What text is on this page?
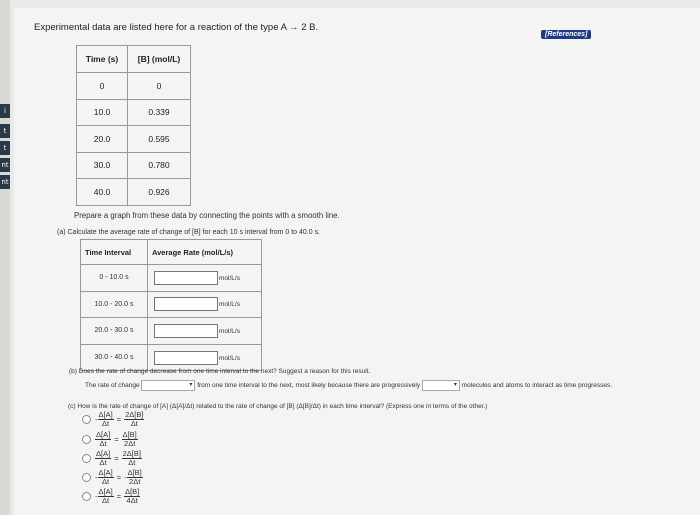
i
t
t
nt
nt
Experimental data are listed here for a reaction of the type A → 2 B.
[References]
Time (s)	[B] (mol/L)
0	0
10.0	0.339
20.0	0.595
30.0	0.780
40.0	0.926
Prepare a graph from these data by connecting the points with a smooth line.
(a) Calculate the average rate of change of [B] for each 10 s interval from 0 to 40.0 s.
Time Interval	Average Rate (mol/L/s)
0 - 10.0 s	mol/L/s
10.0 - 20.0 s	mol/L/s
20.0 - 30.0 s	mol/L/s
30.0 - 40.0 s	mol/L/s
(b) Does the rate of change decrease from one time interval to the next? Suggest a reason for this result.
The rate of change	▾ from one time interval to the next, most likely because there are progressively	▾ molecules and atoms to interact as time progresses.
(c) How is the rate of change of [A] (Δ[A]/Δt) related to the rate of change of [B] (Δ[B]/Δt) in each time interval? (Express one in terms of the other.)
- $\frac{\Delta[A]}{\Delta t} = \frac{2\Delta[B]}{\Delta t}$
$\frac{\Delta[A]}{\Delta t} = \frac{\Delta[B]}{2\Delta t}$
$\frac{\Delta[A]}{\Delta t} = \frac{2\Delta[B]}{\Delta t}$
- $\frac{\Delta[A]}{\Delta t}$ = - $\frac{\Delta[B]}{2\Delta t}$
- $\frac{\Delta[A]}{\Delta t} = \frac{\Delta[B]}{4\Delta t}$
